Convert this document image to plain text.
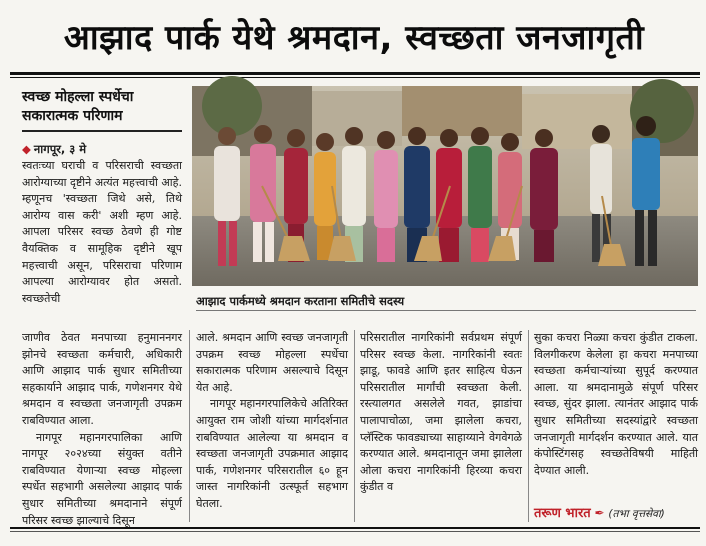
आझाद पार्क येथे श्रमदान, स्वच्छता जनजागृती
स्वच्छ मोहल्ला स्पर्धेचा सकारात्मक परिणाम
◆ नागपूर, ३ मे

स्वतःच्या घराची व परिसराची स्वच्छता आरोग्याच्या दृष्टीने अत्यंत महत्त्वाची आहे. म्हणूनच 'स्वच्छता जिथे असे, तिथे आरोग्य वास करी' अशी म्हण आहे. आपला परिसर स्वच्छ ठेवणे ही गोष्ट वैयक्तिक व सामूहिक दृष्टीने खूप महत्त्वाची असून, परिसराचा परिणाम आपल्या आरोग्यावर होत असतो. स्वच्छतेची

जाणीव ठेवत मनपाच्या हनुमाननगर झोनचे स्वच्छता कर्मचारी, अधिकारी आणि आझाद पार्क सुधार समितीच्या सहकार्याने आझाद पार्क, गणेशनगर येथे श्रमदान व स्वच्छता जनजागृती उपक्रम राबविण्यात आला.

नागपूर महानगरपालिका आणि नागपूर २०२४च्या संयुक्त वतीने राबविण्यात येणाऱ्या स्वच्छ मोहल्ला स्पर्धेत सहभागी असलेल्या आझाद पार्क सुधार समितीच्या श्रमदानाने संपूर्ण परिसर स्वच्छ झाल्याचे दिसून

आले. श्रमदान आणि स्वच्छ जनजागृती उपक्रम स्वच्छ मोहल्ला स्पर्धेचा सकारात्मक परिणाम असल्याचे दिसून येत आहे.

नागपूर महानगरपालिकेचे अतिरिक्त आयुक्त राम जोशी यांच्या मार्गदर्शनात राबविण्यात आलेल्या या श्रमदान व स्वच्छता जनजागृती उपक्रमात आझाद पार्क, गणेशनगर परिसरातील ६० हून जास्त नागरिकांनी उत्स्फूर्त सहभाग घेतला.

परिसरातील नागरिकांनी सर्वप्रथम संपूर्ण परिसर स्वच्छ केला. नागरिकांनी स्वतः झाडू, फावडे आणि इतर साहित्य घेऊन परिसरातील मार्गांची स्वच्छता केली. रस्त्यालगत असलेले गवत, झाडांचा पालापाचोळा, जमा झालेला कचरा, प्लॅस्टिक फावड्याच्या साहाय्याने वेगवेगळे करण्यात आले. श्रमदानातून जमा झालेला ओला कचरा नागरिकांनी हिरव्या कचरा कुंडीत व

सुका कचरा निळ्या कचरा कुंडीत टाकला. विलगीकरण केलेला हा कचरा मनपाच्या स्वच्छता कर्मचाऱ्यांच्या सुपूर्द करण्यात आला. या श्रमदानामुळे संपूर्ण परिसर स्वच्छ, सुंदर झाला. त्यानंतर आझाद पार्क सुधार समितीच्या सदस्यांद्वारे स्वच्छता जनजागृती मार्गदर्शन करण्यात आले. यात कंपोस्टिंगसह स्वच्छतेविषयी माहिती देण्यात आली.

आझाद पार्कमध्ये श्रमदान करताना समितीचे सदस्य
तरूण भारत ✒ (तभा वृत्तसेवा)
